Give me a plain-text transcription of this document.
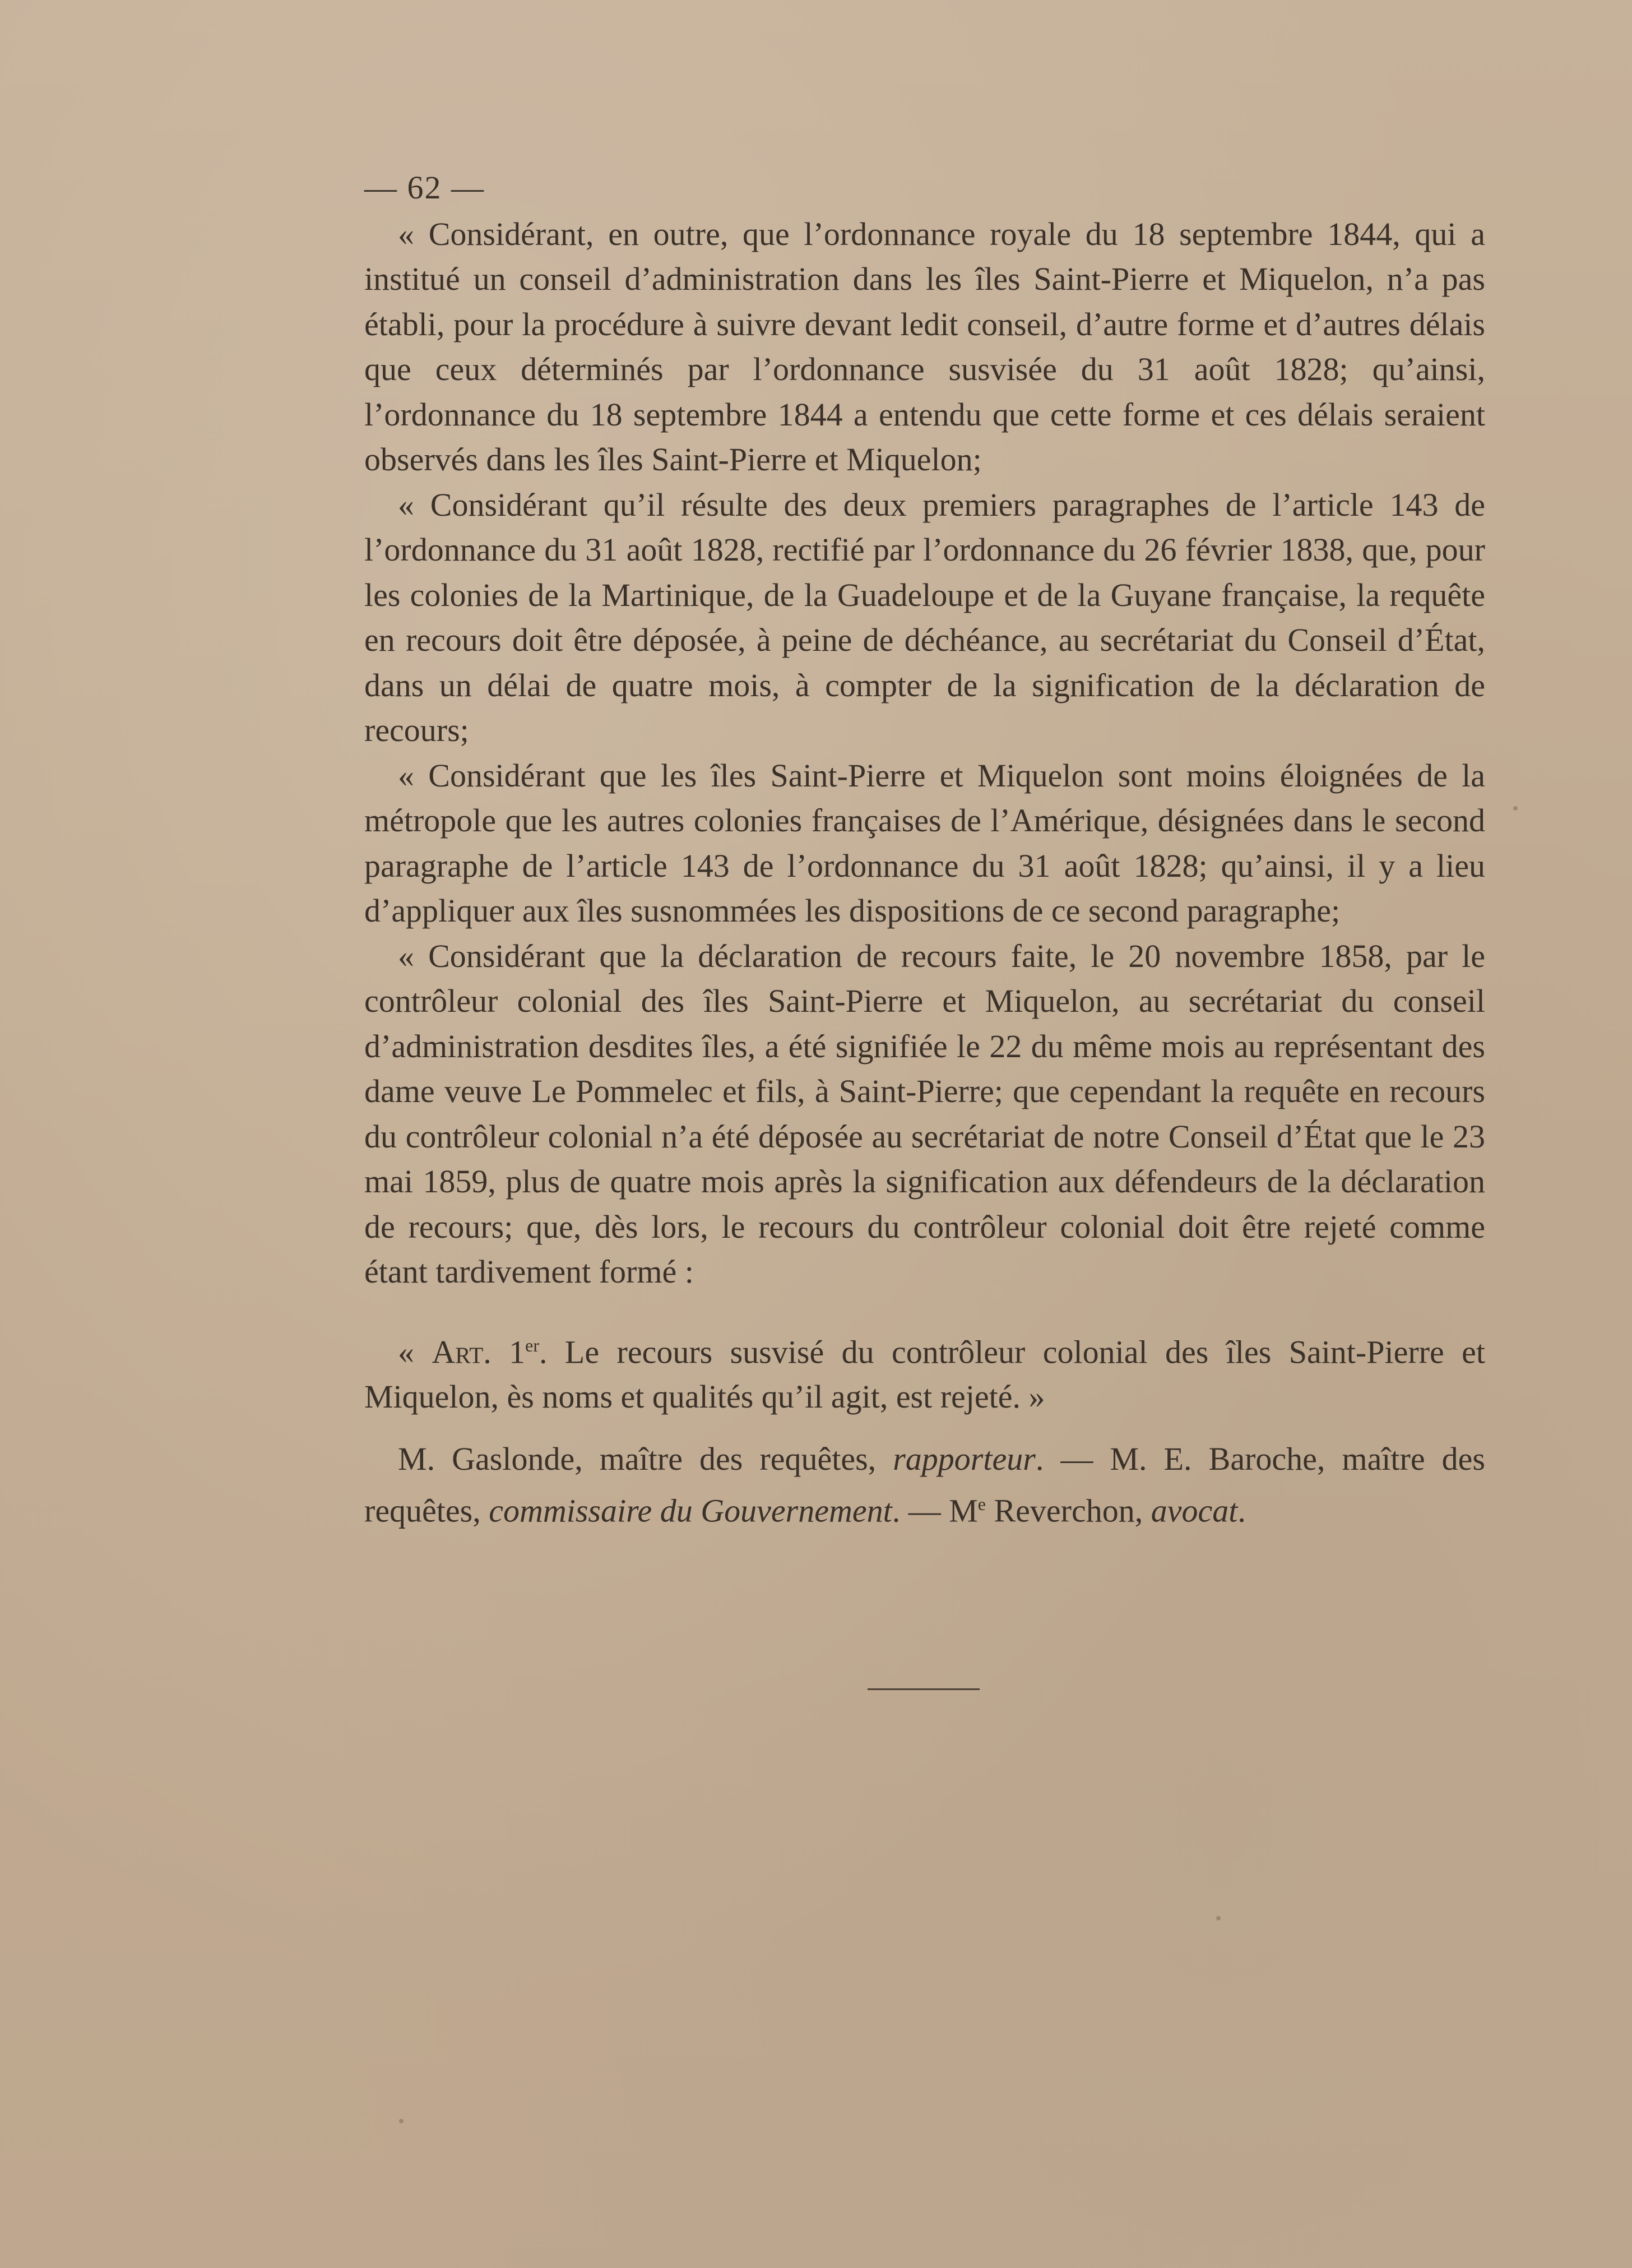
— 62 —

« Considérant, en outre, que l’ordonnance royale du 18 septembre 1844, qui a institué un conseil d’administration dans les îles Saint-Pierre et Miquelon, n’a pas établi, pour la procédure à suivre devant ledit conseil, d’autre forme et d’autres délais que ceux déterminés par l’ordonnance susvisée du 31 août 1828; qu’ainsi, l’ordonnance du 18 septembre 1844 a entendu que cette forme et ces délais seraient observés dans les îles Saint-Pierre et Miquelon;

« Considérant qu’il résulte des deux premiers paragraphes de l’article 143 de l’ordonnance du 31 août 1828, rectifié par l’ordonnance du 26 février 1838, que, pour les colonies de la Martinique, de la Guadeloupe et de la Guyane française, la requête en recours doit être déposée, à peine de déchéance, au secrétariat du Conseil d’État, dans un délai de quatre mois, à compter de la signification de la déclaration de recours;

« Considérant que les îles Saint-Pierre et Miquelon sont moins éloignées de la métropole que les autres colonies françaises de l’Amérique, désignées dans le second paragraphe de l’article 143 de l’ordonnance du 31 août 1828; qu’ainsi, il y a lieu d’appliquer aux îles susnommées les dispositions de ce second paragraphe;

« Considérant que la déclaration de recours faite, le 20 novembre 1858, par le contrôleur colonial des îles Saint-Pierre et Miquelon, au secrétariat du conseil d’administration desdites îles, a été signifiée le 22 du même mois au représentant des dame veuve Le Pommelec et fils, à Saint-Pierre; que cependant la requête en recours du contrôleur colonial n’a été déposée au secrétariat de notre Conseil d’État que le 23 mai 1859, plus de quatre mois après la signification aux défendeurs de la déclaration de recours; que, dès lors, le recours du contrôleur colonial doit être rejeté comme étant tardivement formé :

« Art. 1er. Le recours susvisé du contrôleur colonial des îles Saint-Pierre et Miquelon, ès noms et qualités qu’il agit, est rejeté. »

M. Gaslonde, maître des requêtes, rapporteur. — M. E. Baroche, maître des requêtes, commissaire du Gouvernement. — Me Reverchon, avocat.
